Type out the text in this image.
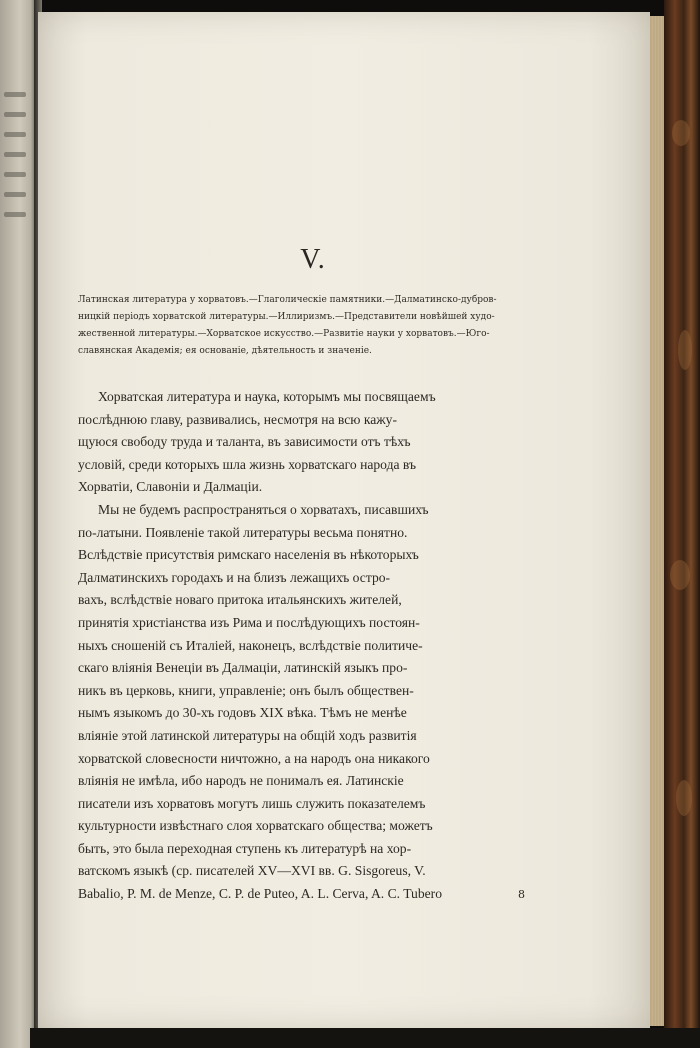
V.
Латинская литература у хорватовъ.—Глаголическіе памятники.—Далматинско-дубров-
ницкій періодъ хорватской литературы.—Иллиризмъ.—Представители новѣйшей худо-
жественной литературы.—Хорватское искусство.—Развитіе науки у хорватовъ.—Юго-
славянская Академія; ея основаніе, дѣятельность и значеніе.
Хорватская литература и наука, которымъ мы посвящаемъ
послѣднюю главу, развивались, несмотря на всю кажу-
щуюся свободу труда и таланта, въ зависимости отъ тѣхъ
условій, среди которыхъ шла жизнь хорватскаго народа въ
Хорватіи, Славоніи и Далмаціи.
Мы не будемъ распространяться о хорватахъ, писавшихъ
по-латыни. Появленіе такой литературы весьма понятно.
Вслѣдствіе присутствія римскаго населенія въ нѣкоторыхъ
Далматинскихъ городахъ и на близъ лежащихъ остро-
вахъ, вслѣдствіе новаго притока итальянскихъ жителей,
принятія христіанства изъ Рима и послѣдующихъ постоян-
ныхъ сношеній съ Италіей, наконецъ, вслѣдствіе политиче-
скаго вліянія Венеціи въ Далмаціи, латинскій языкъ про-
никъ въ церковь, книги, управленіе; онъ былъ обществен-
нымъ языкомъ до 30-хъ годовъ XIX вѣка. Тѣмъ не менѣе
вліяніе этой латинской литературы на общій ходъ развитія
хорватской словесности ничтожно, а на народъ она никакого
вліянія не имѣла, ибо народъ не понималъ ея. Латинскіе
писатели изъ хорватовъ могутъ лишь служить показателемъ
культурности извѣстнаго слоя хорватскаго общества; можетъ
быть, это была переходная ступень къ литературѣ на хор-
ватскомъ языкѣ (ср. писателей XV—XVI вв. G. Sisgoreus, V.
Babalio, P. M. de Menze, C. P. de Puteo, A. L. Cerva, A. C. Tubero	8
